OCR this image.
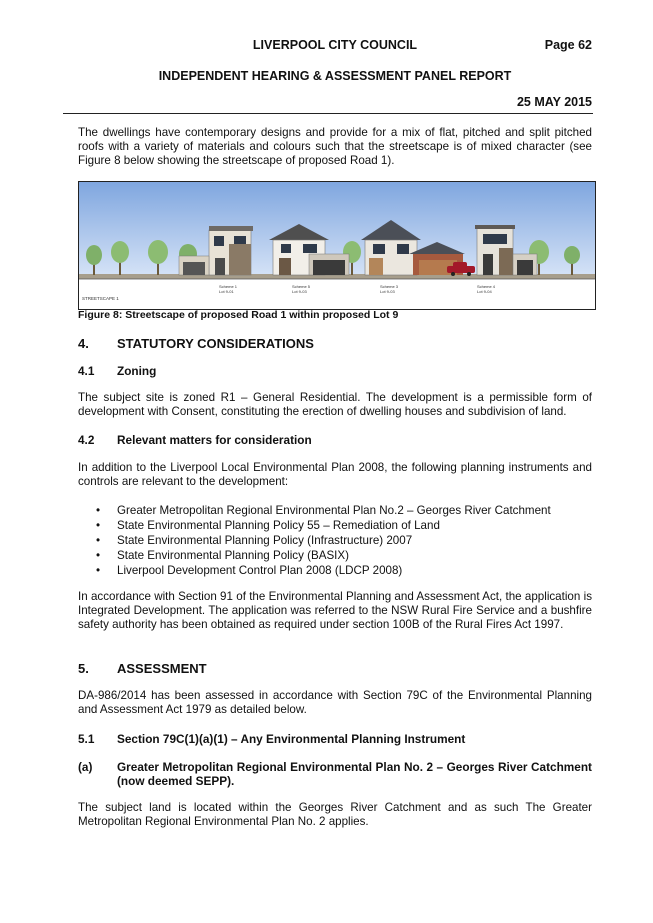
LIVERPOOL CITY COUNCIL	Page 62
INDEPENDENT HEARING & ASSESSMENT PANEL REPORT
25 MAY 2015
The dwellings have contemporary designs and provide for a mix of flat, pitched and split pitched roofs with a variety of materials and colours such that the streetscape is of mixed character (see Figure 8 below showing the streetscape of proposed Road 1).
Scheme 1
Lot 9-01
Scheme 5
Lot 9-03
Scheme 3
Lot 9-03
Scheme 4
Lot 9-04
STREETSCAPE 1
Figure 8: Streetscape of proposed Road 1 within proposed Lot 9
4. STATUTORY CONSIDERATIONS
4.1 Zoning
The subject site is zoned R1 – General Residential. The development is a permissible form of development with Consent, constituting the erection of dwelling houses and subdivision of land.
4.2 Relevant matters for consideration
In addition to the Liverpool Local Environmental Plan 2008, the following planning instruments and controls are relevant to the development:
• Greater Metropolitan Regional Environmental Plan No.2 – Georges River Catchment
• State Environmental Planning Policy 55 – Remediation of Land
• State Environmental Planning Policy (Infrastructure) 2007
• State Environmental Planning Policy (BASIX)
• Liverpool Development Control Plan 2008 (LDCP 2008)
In accordance with Section 91 of the Environmental Planning and Assessment Act, the application is Integrated Development. The application was referred to the NSW Rural Fire Service and a bushfire safety authority has been obtained as required under section 100B of the Rural Fires Act 1997.
5. ASSESSMENT
DA-986/2014 has been assessed in accordance with Section 79C of the Environmental Planning and Assessment Act 1979 as detailed below.
5.1 Section 79C(1)(a)(1) – Any Environmental Planning Instrument
(a) Greater Metropolitan Regional Environmental Plan No. 2 – Georges River Catchment (now deemed SEPP).
The subject land is located within the Georges River Catchment and as such The Greater Metropolitan Regional Environmental Plan No. 2 applies.
